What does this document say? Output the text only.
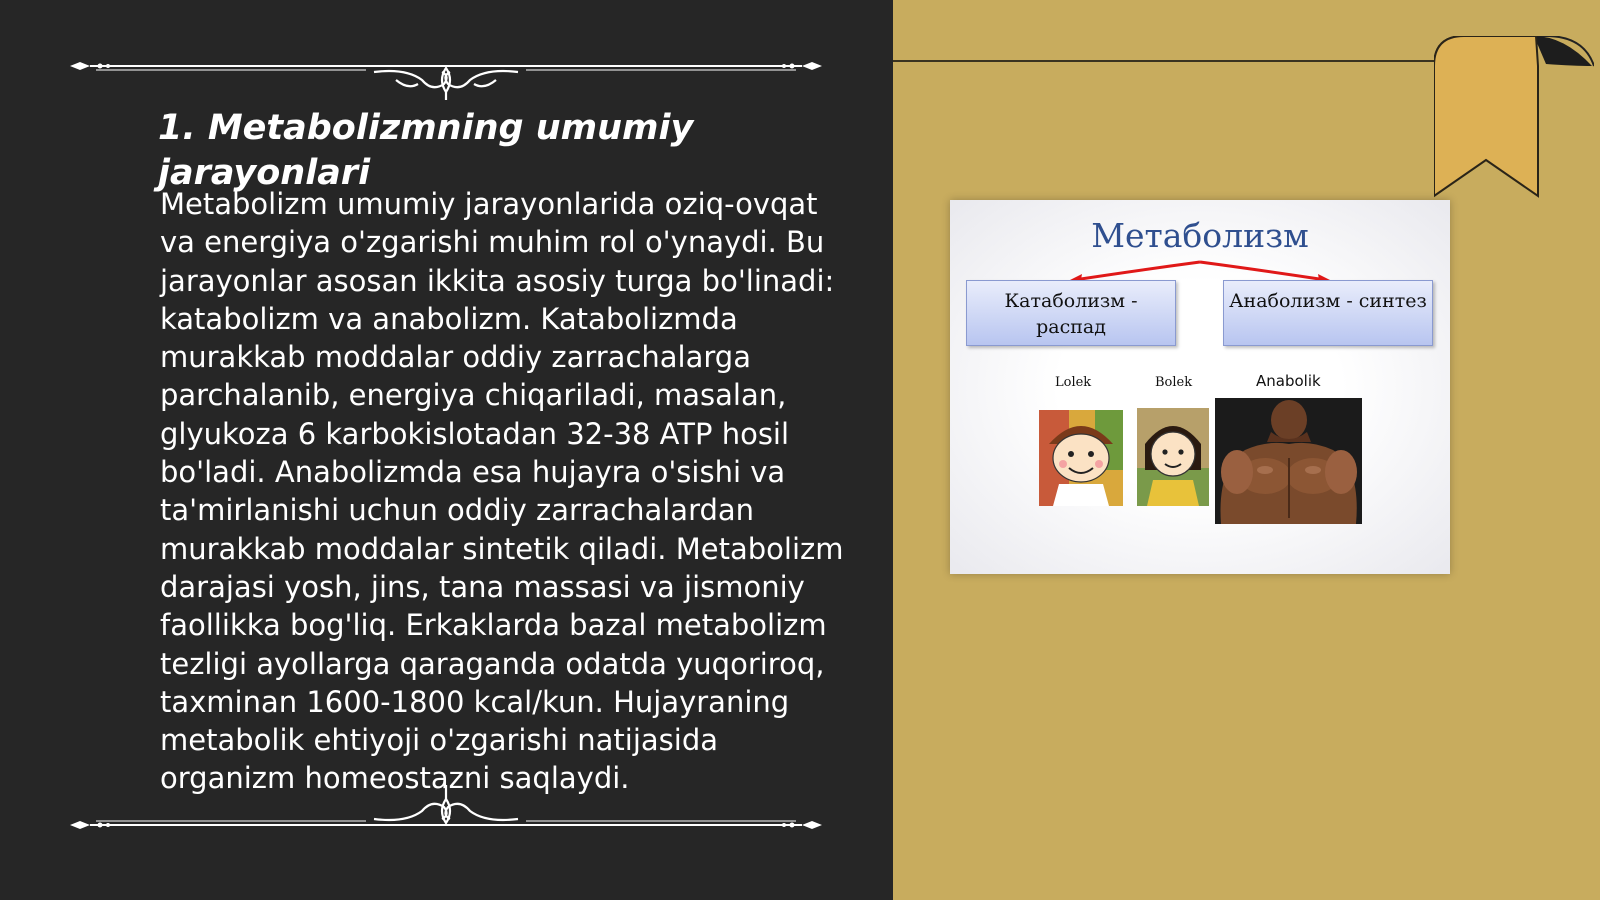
1. Metabolizmning umumiy jarayonlari

Metabolizm umumiy jarayonlarida oziq-ovqat va energiya o'zgarishi muhim rol o'ynaydi. Bu jarayonlar asosan ikkita asosiy turga bo'linadi: katabolizm va anabolizm. Katabolizmda murakkab moddalar oddiy zarrachalarga parchalanib, energiya chiqariladi, masalan, glyukoza 6 karbokislotadan 32-38 ATP hosil bo'ladi. Anabolizmda esa hujayra o'sishi va ta'mirlanishi uchun oddiy zarrachalardan murakkab moddalar sintetik qiladi. Metabolizm darajasi yosh, jins, tana massasi va jismoniy faollikka bog'liq. Erkaklarda bazal metabolizm tezligi ayollarga qaraganda odatda yuqoriroq, taxminan 1600-1800 kcal/kun. Hujayraning metabolik ehtiyoji o'zgarishi natijasida organizm homeostazni saqlaydi.

Метаболизм
Катаболизм - распад
Анаболизм - синтез
Lolek	Bolek	Anabolik
